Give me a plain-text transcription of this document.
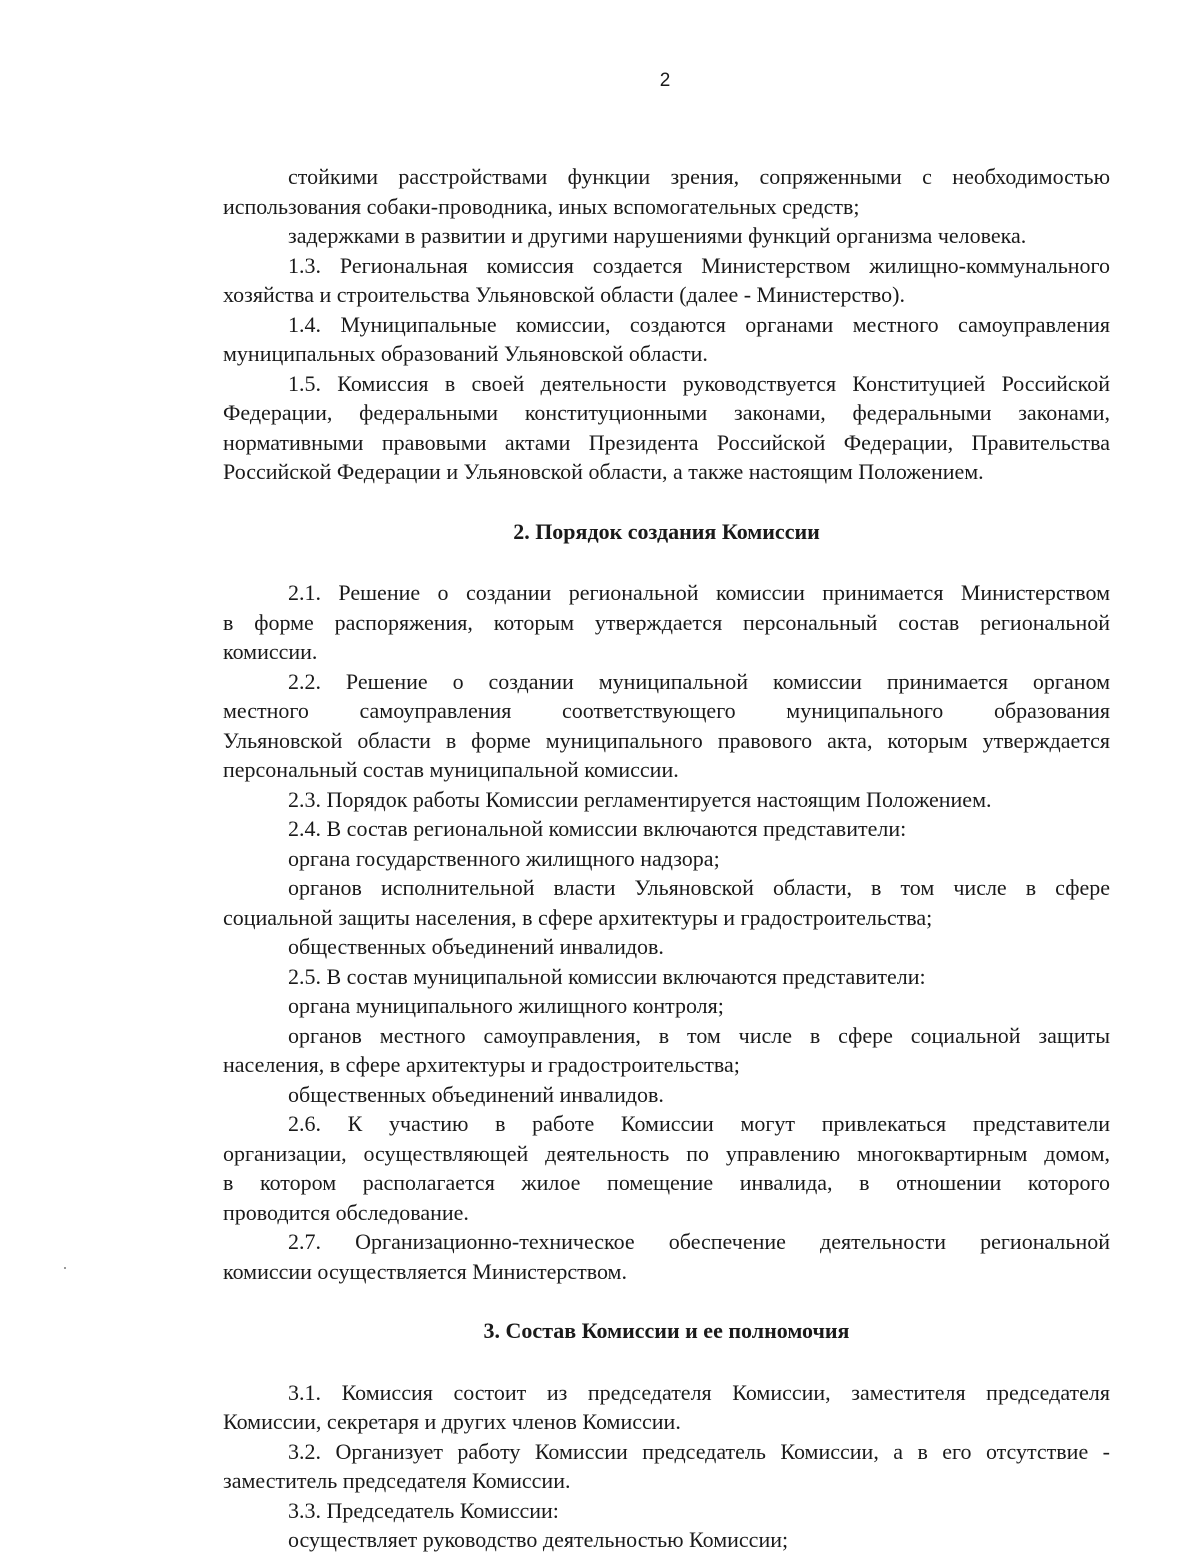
2

стойкими расстройствами функции зрения, сопряженными с необходимостью

использования собаки-проводника, иных вспомогательных средств;

задержками в развитии и другими нарушениями функций организма человека.

1.3. Региональная комиссия создается Министерством жилищно-коммунального

хозяйства и строительства Ульяновской области (далее - Министерство).

1.4. Муниципальные комиссии, создаются органами местного самоуправления

муниципальных образований Ульяновской области.

1.5. Комиссия в своей деятельности руководствуется Конституцией Российской

Федерации, федеральными конституционными законами, федеральными законами,

нормативными правовыми актами Президента Российской Федерации, Правительства

Российской Федерации и Ульяновской области, а также настоящим Положением.

2. Порядок создания Комиссии

2.1. Решение о создании региональной комиссии принимается Министерством

в форме распоряжения, которым утверждается персональный состав региональной

комиссии.

2.2. Решение о создании муниципальной комиссии принимается органом

местного самоуправления соответствующего муниципального образования

Ульяновской области в форме муниципального правового акта, которым утверждается

персональный состав муниципальной комиссии.

2.3. Порядок работы Комиссии регламентируется настоящим Положением.

2.4. В состав региональной комиссии включаются представители:

органа государственного жилищного надзора;

органов исполнительной власти Ульяновской области, в том числе в сфере

социальной защиты населения, в сфере архитектуры и градостроительства;

общественных объединений инвалидов.

2.5. В состав муниципальной комиссии включаются представители:

органа муниципального жилищного контроля;

органов местного самоуправления, в том числе в сфере социальной защиты

населения, в сфере архитектуры и градостроительства;

общественных объединений инвалидов.

2.6. К участию в работе Комиссии могут привлекаться представители

организации, осуществляющей деятельность по управлению многоквартирным домом,

в котором располагается жилое помещение инвалида, в отношении которого

проводится обследование.

2.7. Организационно-техническое обеспечение деятельности региональной

комиссии осуществляется Министерством.

3. Состав Комиссии и ее полномочия

3.1. Комиссия состоит из председателя Комиссии, заместителя председателя

Комиссии, секретаря и других членов Комиссии.

3.2. Организует работу Комиссии председатель Комиссии, а в его отсутствие -

заместитель председателя Комиссии.

3.3. Председатель Комиссии:

осуществляет руководство деятельностью Комиссии;
